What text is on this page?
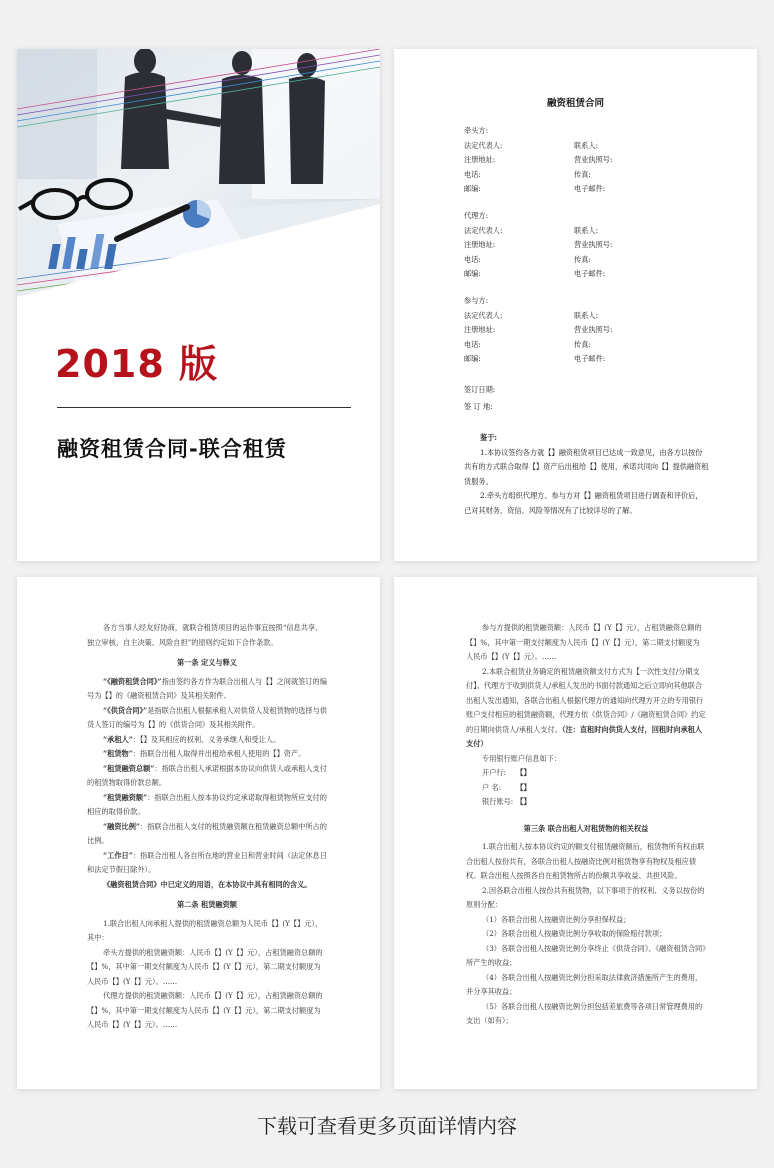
2018 版
融资租赁合同-联合租赁
融资租赁合同
牵头方:
法定代表人:	联系人:
注册地址:	营业执照号:
电话:	传真:
邮编:	电子邮件:
代理方:
法定代表人:	联系人:
注册地址:	营业执照号:
电话:	传真:
邮编:	电子邮件:
参与方:
法定代表人:	联系人:
注册地址:	营业执照号:
电话:	传真:
邮编:	电子邮件:
签订日期:
签 订 地:
鉴于:

1.本协议签约各方就【】融资租赁项目已达成一致意见，由各方以按份共有的方式联合取得【】资产后出租给【】使用，承诺共同向【】提供融资租赁服务。

2.牵头方组织代理方、参与方对【】融资租赁项目进行调查和评价后，已对其财务、资信、风险等情况有了比较详尽的了解。

各方当事人经友好协商，就联合租赁项目的运作事宜按照“信息共享、独立审核、自主决策、风险自担”的原则约定如下合作条款。

第一条 定义与释义

“《融资租赁合同》”指由签约各方作为联合出租人与【】之间就签订的编号为【】的《融资租赁合同》及其相关附件。

“《供货合同》”是指联合出租人根据承租人对供货人及租赁物的选择与供货人签订的编号为【】的《供货合同》及其相关附件。

“承租人”：【】及其相应的权利、义务承继人和受让人。

“租赁物”：指联合出租人取得并出租给承租人使用的【】资产。

“租赁融资总额”：指联合出租人承诺根据本协议向供货人或承租人支付的租赁物取得价款总额。

“租赁融资额”：指联合出租人按本协议约定承诺取得租赁物所应支付的相应的取得价款。

“融资比例”：指联合出租人支付的租赁融资额在租赁融资总额中所占的比例。

“工作日”：指联合出租人各自所在地的营业日和营业时间（法定休息日和法定节假日除外）。

《融资租赁合同》中已定义的用语，在本协议中具有相同的含义。

第二条 租赁融资额

1.联合出租人向承租人提供的租赁融资总额为人民币【】(Y【】元），其中：

牵头方提供的租赁融资额：人民币【】(Y【】元），占租赁融资总额的【】%，其中第一期支付额度为人民币【】(Y【】元），第二期支付额度为人民币【】(Y【】元）。……

代理方提供的租赁融资额：人民币【】(Y【】元），占租赁融资总额的【】%，其中第一期支付额度为人民币【】(Y【】元），第二期支付额度为人民币【】(Y【】元）。……

参与方提供的租赁融资额：人民币【】(Y【】元），占租赁融资总额的【】%，其中第一期支付额度为人民币【】(Y【】元），第二期支付额度为人民币【】(Y【】元）。……

2.本联合租赁业务确定的租赁融资额支付方式为【一次性支付/分期支付】。代理方于收到供货人/承租人发出的书面付款通知之后立即向其他联合出租人发出通知，各联合出租人根据代理方的通知向代理方开立的专用银行账户支付相应的租赁融资额，代理方依《供货合同》/《融资租赁合同》约定的日期向供货人/承租人支付。（注：直租时向供货人支付，回租时向承租人支付）

专用银行账户信息如下：

开户行: 【】
户 名: 【】
银行账号: 【】
第三条 联合出租人对租赁物的相关权益

1.联合出租人按本协议约定的额支付租赁融资额后，租赁物所有权由联合出租人按份共有，各联合出租人按融资比例对租赁物享有物权及相应债权。联合出租人按照各自在租赁物所占的份额共享收益、共担风险。

2.因各联合出租人按份共有租赁物，以下事项于的权利、义务以按份的原则分配：

（1）各联合出租人按融资比例分享担保权益；

（2）各联合出租人按融资比例分享收取的保险赔付款项；

（3）各联合出租人按融资比例分享终止《供货合同》、《融资租赁合同》所产生的收益；

（4）各联合出租人按融资比例分担采取法律救济措施所产生的费用，并分享其收益；

（5）各联合出租人按融资比例分担包括差旅费等各项日常管理费用的支出（如有）；

下载可查看更多页面详情内容
